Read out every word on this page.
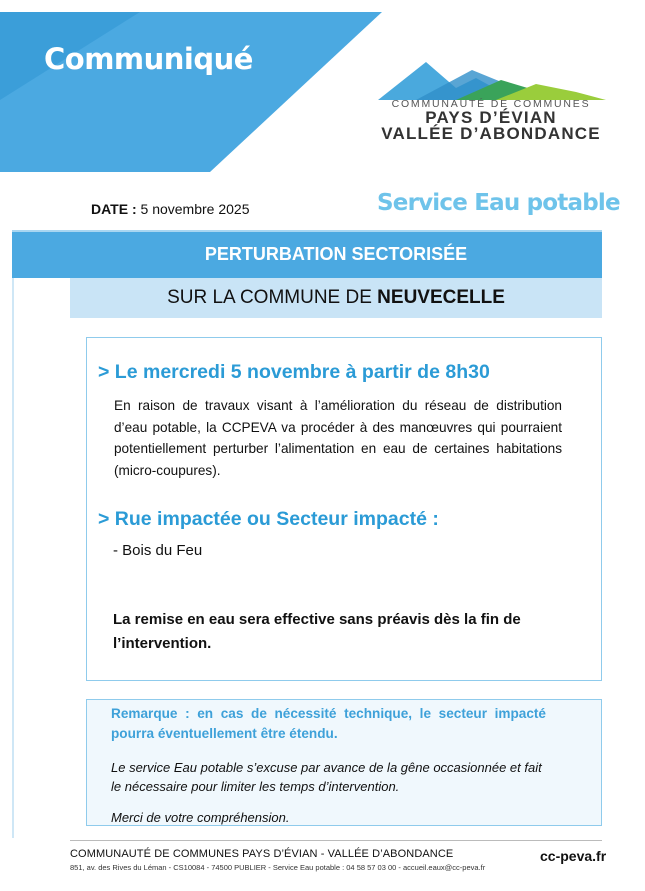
Communiqué
COMMUNAUTÉ DE COMMUNES
PAYS D’ÉVIAN
VALLÉE D’ABONDANCE
DATE : 5 novembre 2025	Service Eau potable
PERTURBATION SECTORISÉE
SUR LA COMMUNE DE NEUVECELLE
> Le mercredi 5 novembre à partir de 8h30
En raison de travaux visant à l’amélioration du réseau de distribution d’eau potable, la CCPEVA va procéder à des manœuvres qui pourraient potentiellement perturber l’alimentation en eau de certaines habitations (micro-coupures).
> Rue impactée ou Secteur impacté :
- Bois du Feu
La remise en eau sera effective sans préavis dès la fin de l’intervention.
Remarque : en cas de nécessité technique, le secteur impacté pourra éventuellement être étendu.
Le service Eau potable s’excuse par avance de la gêne occasionnée et fait le nécessaire pour limiter les temps d’intervention.
Merci de votre compréhension.
COMMUNAUTÉ DE COMMUNES PAYS D’ÉVIAN - VALLÉE D’ABONDANCE
851, av. des Rives du Léman - CS10084 - 74500 PUBLIER - Service Eau potable : 04 58 57 03 00 - accueil.eaux@cc-peva.fr
cc-peva.fr
